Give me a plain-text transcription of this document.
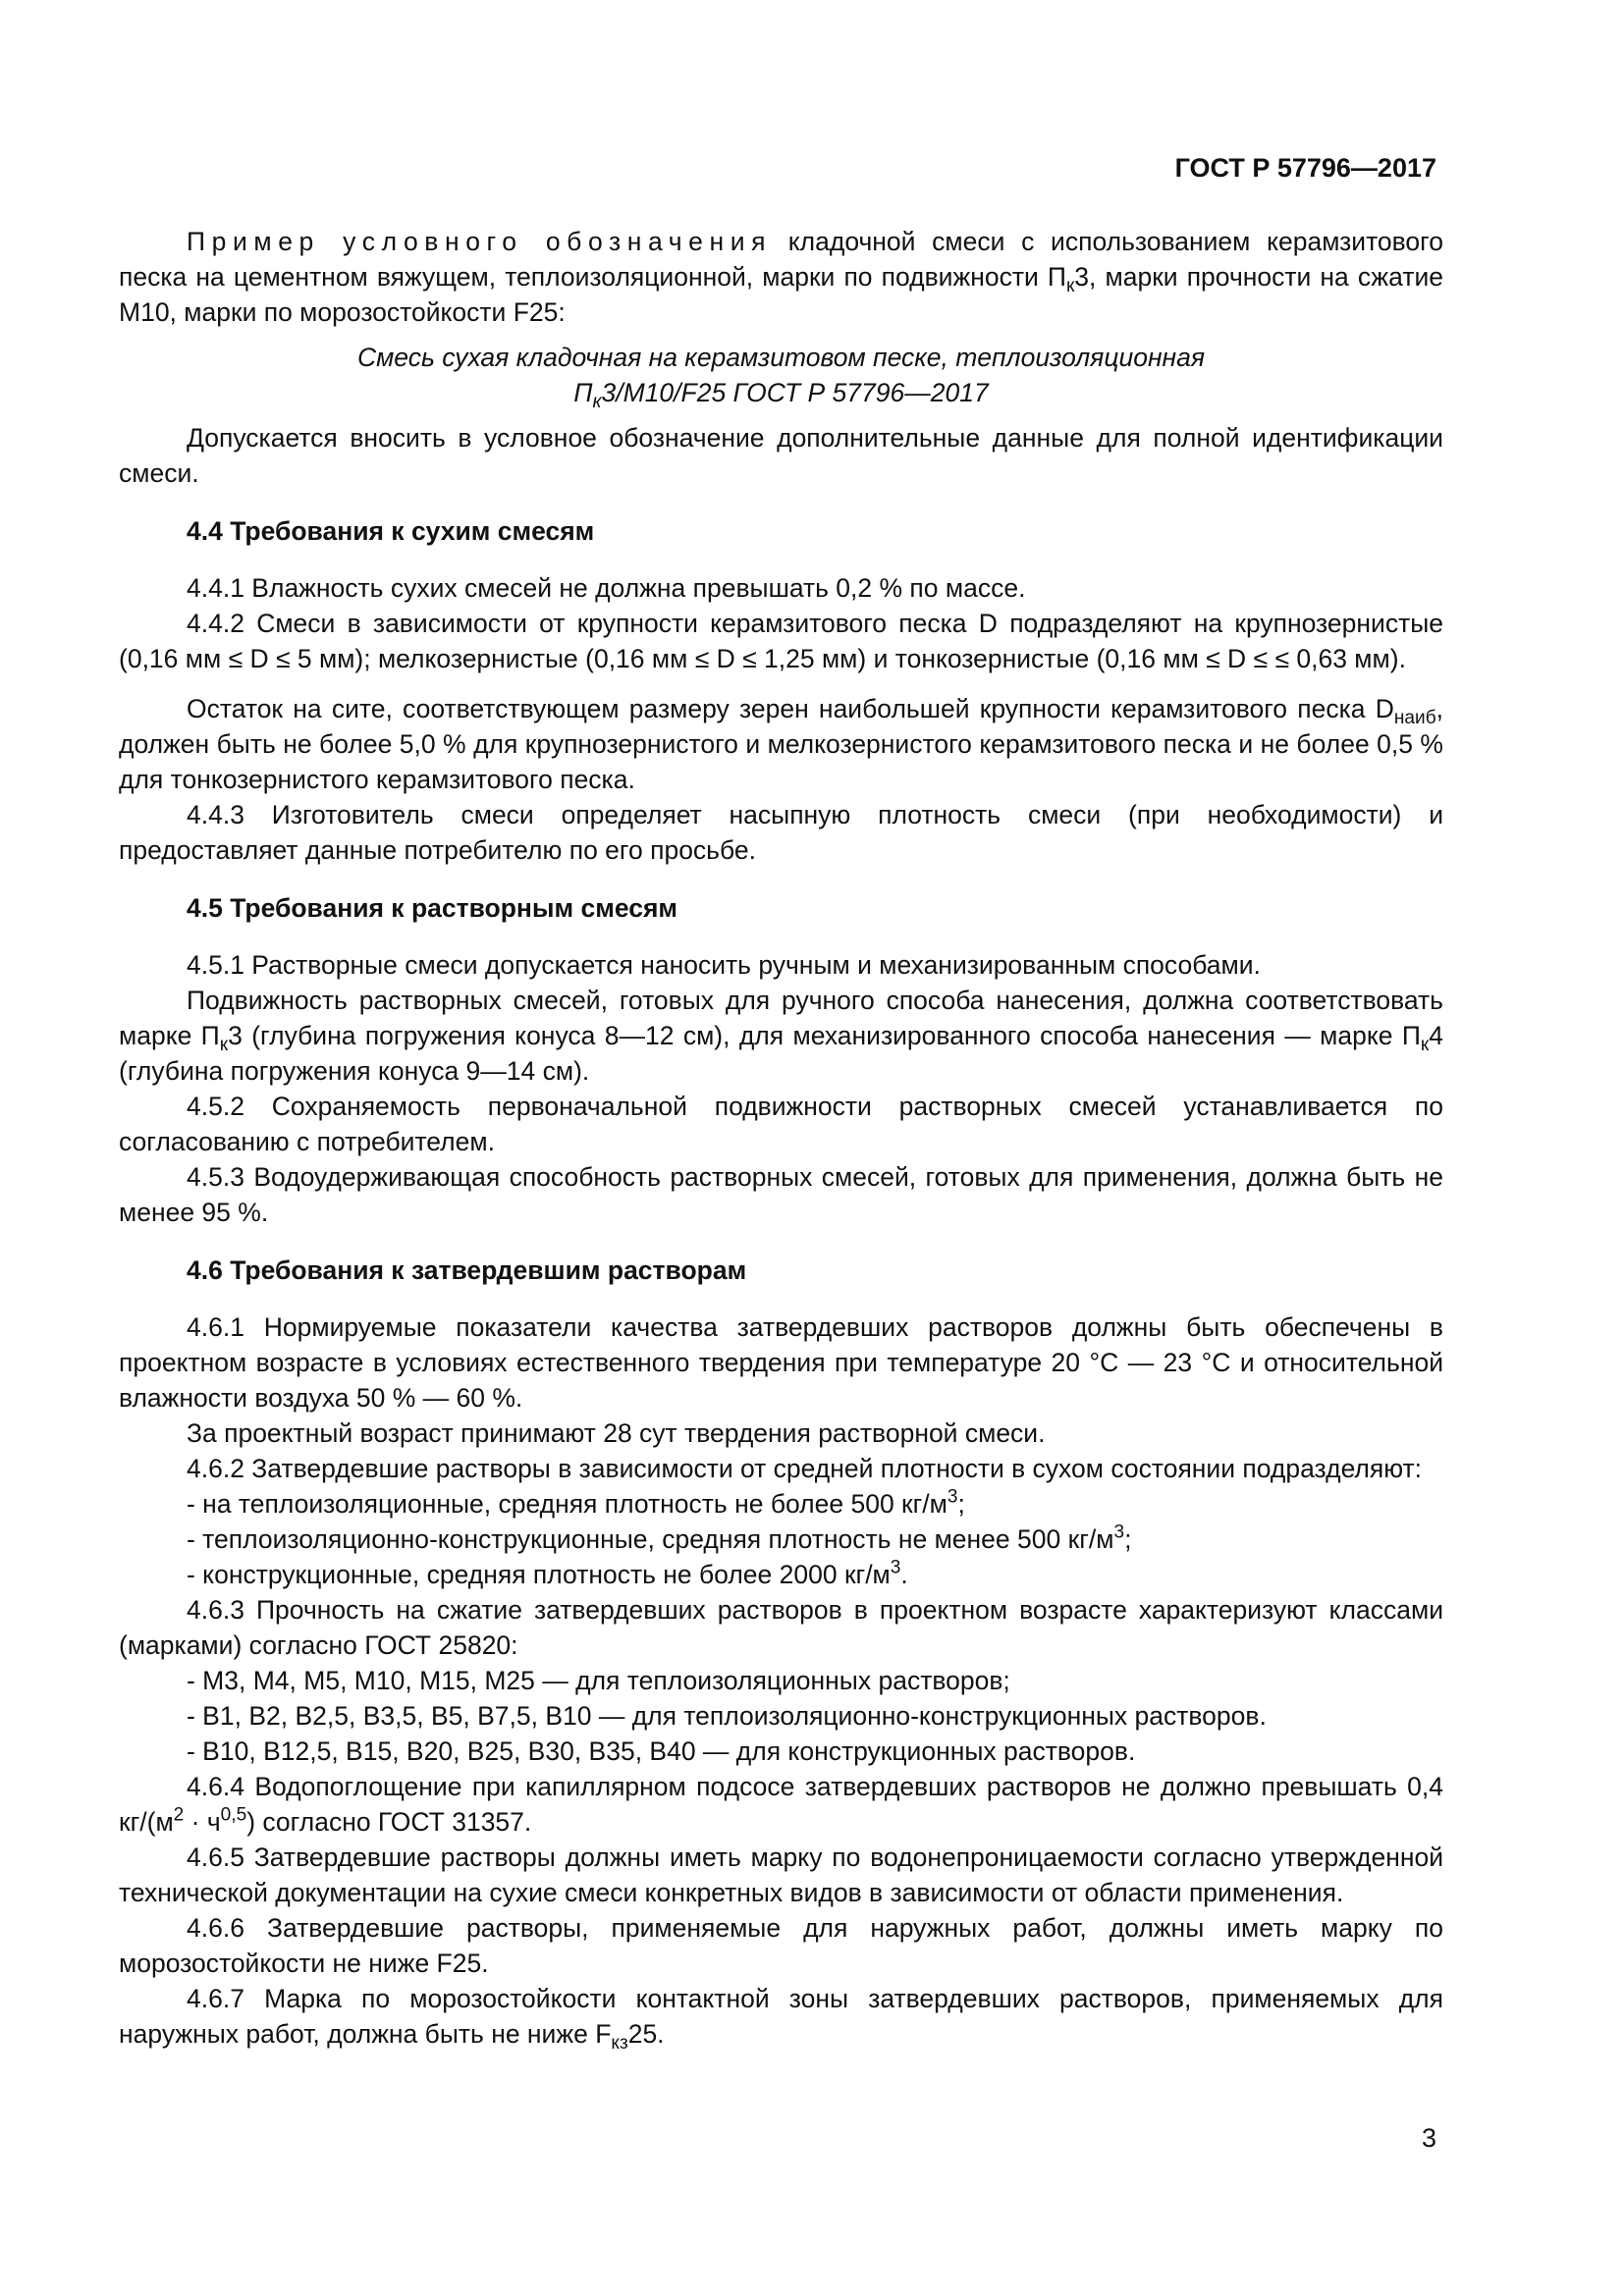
ГОСТ Р 57796—2017

Пример условного обозначения кладочной смеси с использованием керамзитового песка на цементном вяжущем, теплоизоляционной, марки по подвижности $П_к3$, марки прочности на сжатие М10, марки по морозостойкости F25:

Смесь сухая кладочная на керамзитовом песке, теплоизоляционная

$П_к3/М10/F25$ ГОСТ Р 57796—2017

Допускается вносить в условное обозначение дополнительные данные для полной идентификации смеси.

4.4 Требования к сухим смесям

4.4.1 Влажность сухих смесей не должна превышать 0,2 % по массе.

4.4.2 Смеси в зависимости от крупности керамзитового песка D подразделяют на крупнозернистые (0,16 мм ≤ D ≤ 5 мм); мелкозернистые (0,16 мм ≤ D ≤ 1,25 мм) и тонкозернистые (0,16 мм ≤ D ≤ ≤ 0,63 мм).

Остаток на сите, соответствующем размеру зерен наибольшей крупности керамзитового песка $D_{наиб}$, должен быть не более 5,0 % для крупнозернистого и мелкозернистого керамзитового песка и не более 0,5 % для тонкозернистого керамзитового песка.

4.4.3 Изготовитель смеси определяет насыпную плотность смеси (при необходимости) и предоставляет данные потребителю по его просьбе.

4.5 Требования к растворным смесям

4.5.1 Растворные смеси допускается наносить ручным и механизированным способами.

Подвижность растворных смесей, готовых для ручного способа нанесения, должна соответствовать марке $П_к3$ (глубина погружения конуса 8—12 см), для механизированного способа нанесения — марке $П_к4$ (глубина погружения конуса 9—14 см).

4.5.2 Сохраняемость первоначальной подвижности растворных смесей устанавливается по согласованию с потребителем.

4.5.3 Водоудерживающая способность растворных смесей, готовых для применения, должна быть не менее 95 %.

4.6 Требования к затвердевшим растворам

4.6.1 Нормируемые показатели качества затвердевших растворов должны быть обеспечены в проектном возрасте в условиях естественного твердения при температуре 20 °С — 23 °С и относительной влажности воздуха 50 % — 60 %.

За проектный возраст принимают 28 сут твердения растворной смеси.

4.6.2 Затвердевшие растворы в зависимости от средней плотности в сухом состоянии подразделяют:

- на теплоизоляционные, средняя плотность не более 500 $кг/м^3$;

- теплоизоляционно-конструкционные, средняя плотность не менее 500 $кг/м^3$;

- конструкционные, средняя плотность не более 2000 $кг/м^3$.

4.6.3 Прочность на сжатие затвердевших растворов в проектном возрасте характеризуют классами (марками) согласно ГОСТ 25820:

- М3, М4, М5, М10, М15, М25 — для теплоизоляционных растворов;

- В1, В2, В2,5, В3,5, В5, В7,5, В10 — для теплоизоляционно-конструкционных растворов.

- В10, В12,5, В15, В20, В25, В30, В35, В40 — для конструкционных растворов.

4.6.4 Водопоглощение при капиллярном подсосе затвердевших растворов не должно превышать 0,4 $кг/(м^2 \cdot ч^{0,5})$ согласно ГОСТ 31357.

4.6.5 Затвердевшие растворы должны иметь марку по водонепроницаемости согласно утвержденной технической документации на сухие смеси конкретных видов в зависимости от области применения.

4.6.6 Затвердевшие растворы, применяемые для наружных работ, должны иметь марку по морозостойкости не ниже F25.

4.6.7 Марка по морозостойкости контактной зоны затвердевших растворов, применяемых для наружных работ, должна быть не ниже $F_{кз}25$.

3
